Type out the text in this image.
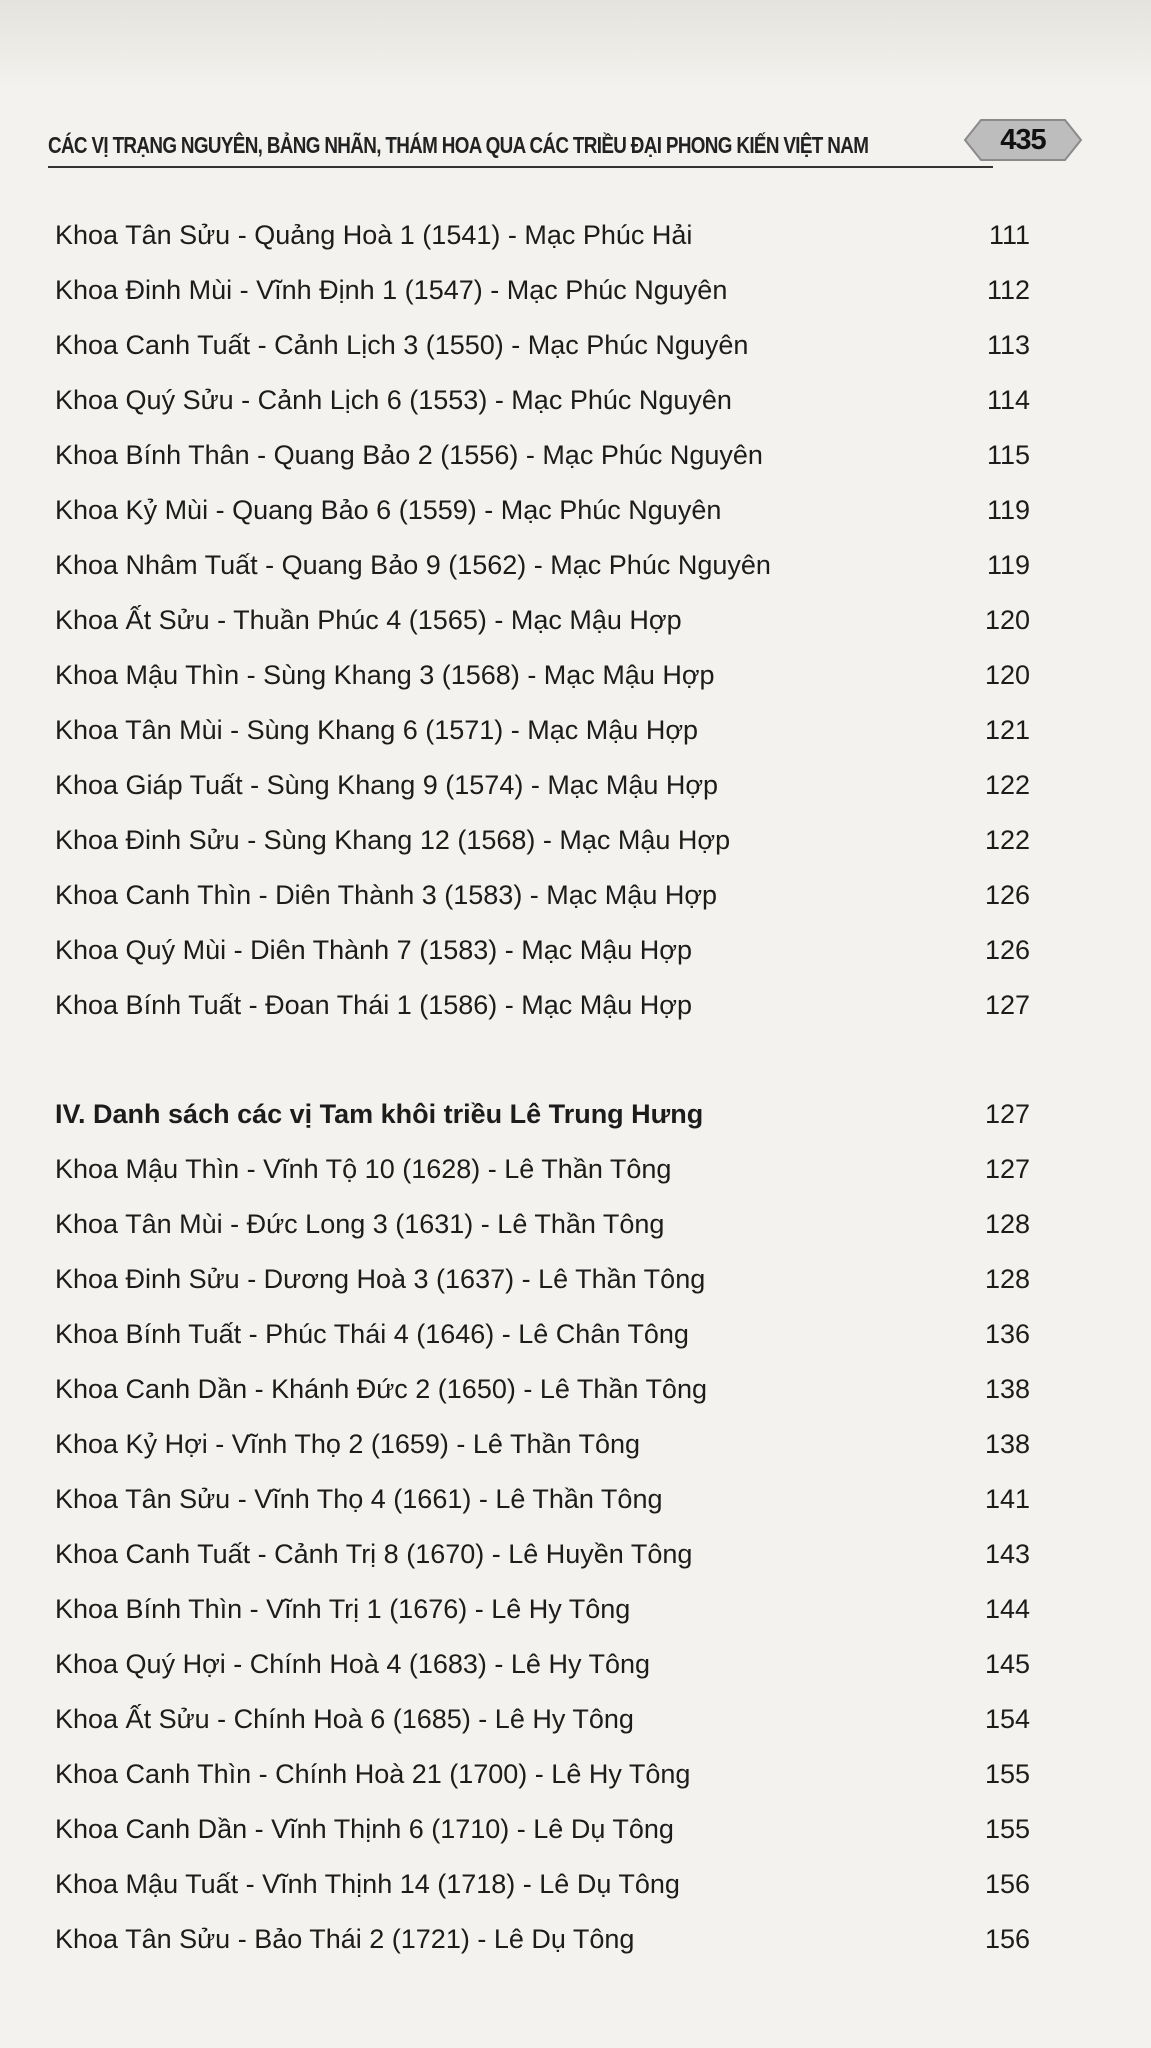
CÁC VỊ TRẠNG NGUYÊN, BẢNG NHÃN, THÁM HOA QUA CÁC TRIỀU ĐẠI PHONG KIẾN VIỆT NAM	435
Khoa Tân Sửu - Quảng Hoà 1 (1541) - Mạc Phúc Hải	111
Khoa Đinh Mùi - Vĩnh Định 1 (1547) - Mạc Phúc Nguyên	112
Khoa Canh Tuất - Cảnh Lịch 3 (1550) - Mạc Phúc Nguyên	113
Khoa Quý Sửu - Cảnh Lịch 6 (1553) - Mạc Phúc Nguyên	114
Khoa Bính Thân - Quang Bảo 2 (1556) - Mạc Phúc Nguyên	115
Khoa Kỷ Mùi - Quang Bảo 6 (1559) - Mạc Phúc Nguyên	119
Khoa Nhâm Tuất - Quang Bảo 9 (1562) - Mạc Phúc Nguyên	119
Khoa Ất Sửu - Thuần Phúc 4 (1565) - Mạc Mậu Hợp	120
Khoa Mậu Thìn - Sùng Khang 3 (1568) - Mạc Mậu Hợp	120
Khoa Tân Mùi - Sùng Khang 6 (1571) - Mạc Mậu Hợp	121
Khoa Giáp Tuất - Sùng Khang 9 (1574) - Mạc Mậu Hợp	122
Khoa Đinh Sửu - Sùng Khang 12 (1568) - Mạc Mậu Hợp	122
Khoa Canh Thìn - Diên Thành 3 (1583) - Mạc Mậu Hợp	126
Khoa Quý Mùi - Diên Thành 7 (1583) - Mạc Mậu Hợp	126
Khoa Bính Tuất - Đoan Thái 1 (1586) - Mạc Mậu Hợp	127
IV. Danh sách các vị Tam khôi triều Lê Trung Hưng	127
Khoa Mậu Thìn - Vĩnh Tộ 10 (1628) - Lê Thần Tông	127
Khoa Tân Mùi - Đức Long 3 (1631) - Lê Thần Tông	128
Khoa Đinh Sửu - Dương Hoà 3 (1637) - Lê Thần Tông	128
Khoa Bính Tuất - Phúc Thái 4 (1646) - Lê Chân Tông	136
Khoa Canh Dần - Khánh Đức 2 (1650) - Lê Thần Tông	138
Khoa Kỷ Hợi - Vĩnh Thọ 2 (1659) - Lê Thần Tông	138
Khoa Tân Sửu - Vĩnh Thọ 4 (1661) - Lê Thần Tông	141
Khoa Canh Tuất - Cảnh Trị 8 (1670) - Lê Huyền Tông	143
Khoa Bính Thìn - Vĩnh Trị 1 (1676) - Lê Hy Tông	144
Khoa Quý Hợi - Chính Hoà 4 (1683) - Lê Hy Tông	145
Khoa Ất Sửu - Chính Hoà 6 (1685) - Lê Hy Tông	154
Khoa Canh Thìn - Chính Hoà 21 (1700) - Lê Hy Tông	155
Khoa Canh Dần - Vĩnh Thịnh 6 (1710) - Lê Dụ Tông	155
Khoa Mậu Tuất - Vĩnh Thịnh 14 (1718) - Lê Dụ Tông	156
Khoa Tân Sửu - Bảo Thái 2 (1721) - Lê Dụ Tông	156
